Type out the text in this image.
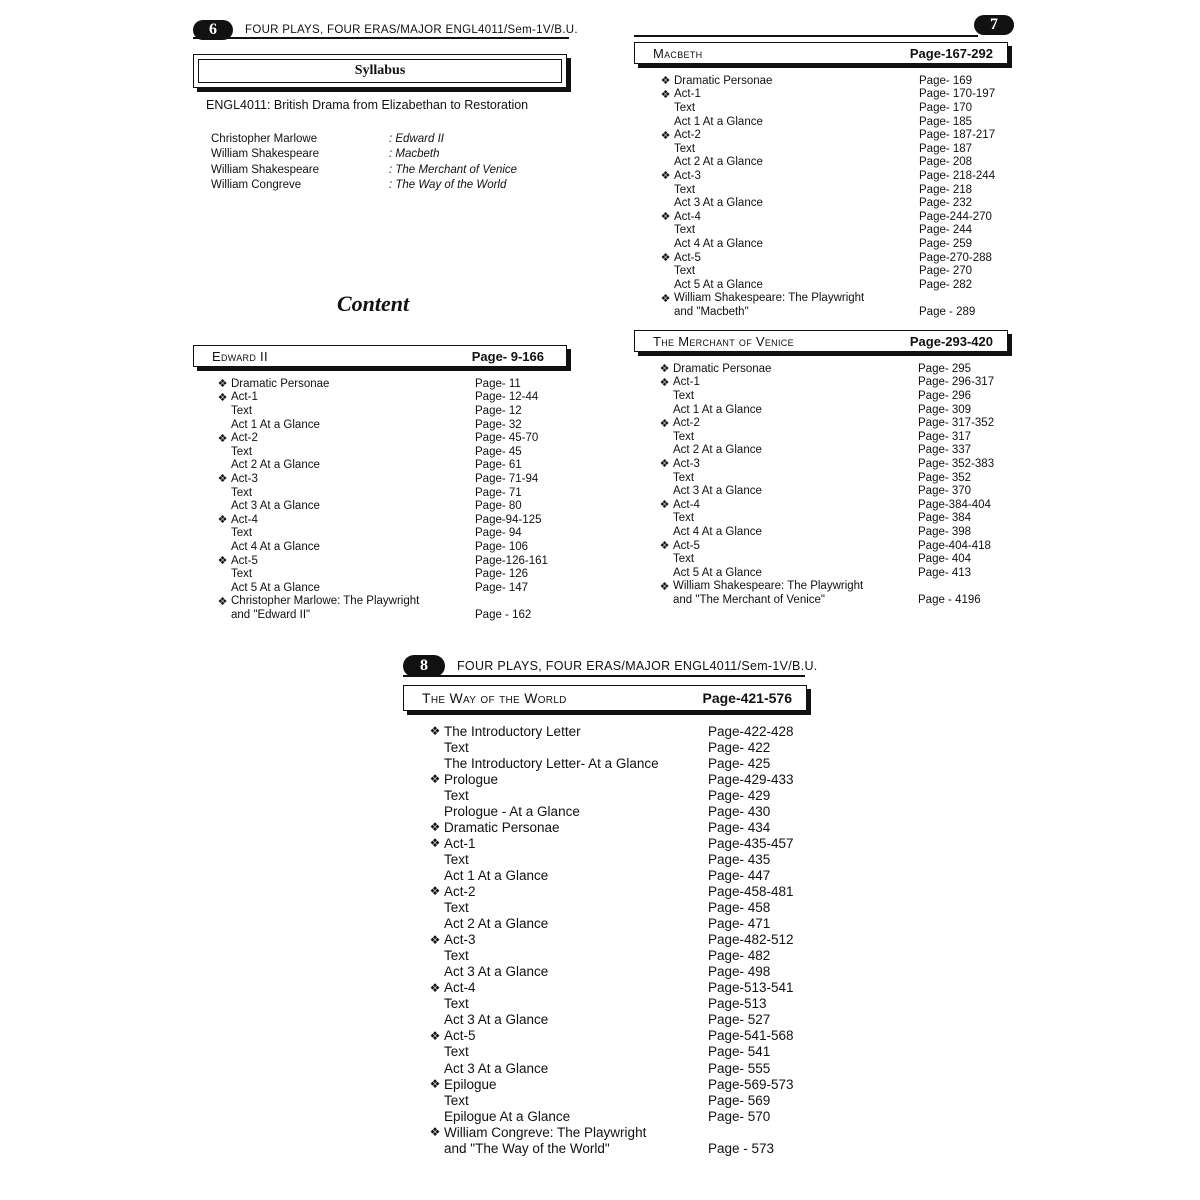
6	FOUR PLAYS, FOUR ERAS/MAJOR ENGL4011/Sem-1V/B.U.
Syllabus
ENGL4011: British Drama from Elizabethan to Restoration
Christopher Marlowe	: Edward II
William Shakespeare	: Macbeth
William Shakespeare	: The Merchant of Venice
William Congreve	: The Way of the World
Content
Edward II	Page- 9-166
❖ Dramatic Personae	Page- 11
❖ Act-1	Page- 12-44
Text	Page- 12
Act 1 At a Glance	Page- 32
❖ Act-2	Page- 45-70
Text	Page- 45
Act 2 At a Glance	Page- 61
❖ Act-3	Page- 71-94
Text	Page- 71
Act 3 At a Glance	Page- 80
❖ Act-4	Page-94-125
Text	Page- 94
Act 4 At a Glance	Page- 106
❖ Act-5	Page-126-161
Text	Page- 126
Act 5 At a Glance	Page- 147
❖ Christopher Marlowe: The Playwright
and "Edward II"	Page - 162
7
Macbeth	Page-167-292
❖ Dramatic Personae	Page- 169
❖ Act-1	Page- 170-197
Text	Page- 170
Act 1 At a Glance	Page- 185
❖ Act-2	Page- 187-217
Text	Page- 187
Act 2 At a Glance	Page- 208
❖ Act-3	Page- 218-244
Text	Page- 218
Act 3 At a Glance	Page- 232
❖ Act-4	Page-244-270
Text	Page- 244
Act 4 At a Glance	Page- 259
❖ Act-5	Page-270-288
Text	Page- 270
Act 5 At a Glance	Page- 282
❖ William Shakespeare: The Playwright
and "Macbeth"	Page - 289
The Merchant of Venice	Page-293-420
❖ Dramatic Personae	Page- 295
❖ Act-1	Page- 296-317
Text	Page- 296
Act 1 At a Glance	Page- 309
❖ Act-2	Page- 317-352
Text	Page- 317
Act 2 At a Glance	Page- 337
❖ Act-3	Page- 352-383
Text	Page- 352
Act 3 At a Glance	Page- 370
❖ Act-4	Page-384-404
Text	Page- 384
Act 4 At a Glance	Page- 398
❖ Act-5	Page-404-418
Text	Page- 404
Act 5 At a Glance	Page- 413
❖ William Shakespeare: The Playwright
and "The Merchant of Venice"	Page - 4196
8	FOUR PLAYS, FOUR ERAS/MAJOR ENGL4011/Sem-1V/B.U.
The Way of the World	Page-421-576
❖ The Introductory Letter	Page-422-428
Text	Page- 422
The Introductory Letter- At a Glance	Page- 425
❖ Prologue	Page-429-433
Text	Page- 429
Prologue - At a Glance	Page- 430
❖ Dramatic Personae	Page- 434
❖ Act-1	Page-435-457
Text	Page- 435
Act 1 At a Glance	Page- 447
❖ Act-2	Page-458-481
Text	Page- 458
Act 2 At a Glance	Page- 471
❖ Act-3	Page-482-512
Text	Page- 482
Act 3 At a Glance	Page- 498
❖ Act-4	Page-513-541
Text	Page-513
Act 3 At a Glance	Page- 527
❖ Act-5	Page-541-568
Text	Page- 541
Act 3 At a Glance	Page- 555
❖ Epilogue	Page-569-573
Text	Page- 569
Epilogue At a Glance	Page- 570
❖ William Congreve: The Playwright
and "The Way of the World"	Page - 573
